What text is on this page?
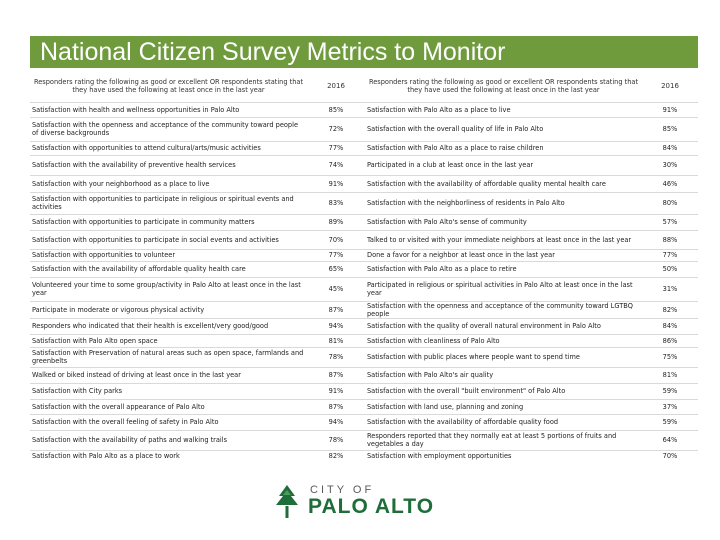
National Citizen Survey Metrics to Monitor
Responders rating the following as good or excellent OR respondents stating that they have used the following at least once in the last year	2016	Responders rating the following as good or excellent OR respondents stating that they have used the following at least once in the last year	2016
Satisfaction with health and wellness opportunities in Palo Alto	85%	Satisfaction with Palo Alto as a place to live	91%
Satisfaction with the openness and acceptance of the community toward people of diverse backgrounds	72%	Satisfaction with the overall quality of life in Palo Alto	85%
Satisfaction with opportunities to attend cultural/arts/music activities	77%	Satisfaction with Palo Alto as a place to raise children	84%
Satisfaction with the availability of preventive health services	74%	Participated in a club at least once in the last year	30%
Satisfaction with your neighborhood as a place to live	91%	Satisfaction with the availability of affordable quality mental health care	46%
Satisfaction with opportunities to participate in religious or spiritual events and activities	83%	Satisfaction with the neighborliness of residents in Palo Alto	80%
Satisfaction with opportunities to participate in community matters	89%	Satisfaction with Palo Alto's sense of community	57%
Satisfaction with opportunities to participate in social events and activities	70%	Talked to or visited with your immediate neighbors at least once in the last year	88%
Satisfaction with opportunities to volunteer	77%	Done a favor for a neighbor at least once in the last year	77%
Satisfaction with the availability of affordable quality health care	65%	Satisfaction with Palo Alto as a place to retire	50%
Volunteered your time to some group/activity in Palo Alto at least once in the last year	45%	Participated in religious or spiritual activities in Palo Alto at least once in the last year	31%
Participate in moderate or vigorous physical activity	87%	Satisfaction with the openness and acceptance of the community toward LGTBQ people	82%
Responders who indicated that their health is excellent/very good/good	94%	Satisfaction with the quality of overall natural environment in Palo Alto	84%
Satisfaction with Palo Alto open space	81%	Satisfaction with cleanliness of Palo Alto	86%
Satisfaction with Preservation of natural areas such as open space, farmlands and greenbelts	78%	Satisfaction with public places where people want to spend time	75%
Walked or biked instead of driving at least once in the last year	87%	Satisfaction with Palo Alto's air quality	81%
Satisfaction with City parks	91%	Satisfaction with the overall "built environment" of Palo Alto	59%
Satisfaction with the overall appearance of Palo Alto	87%	Satisfaction with land use, planning and zoning	37%
Satisfaction with the overall feeling of safety in Palo Alto	94%	Satisfaction with the availability of affordable quality food	59%
Satisfaction with the availability of paths and walking trails	78%	Responders reported that they normally eat at least 5 portions of fruits and vegetables a day	64%
Satisfaction with Palo Alto as a place to work	82%	Satisfaction with employment opportunities	70%
CITY OF
PALO ALTO
